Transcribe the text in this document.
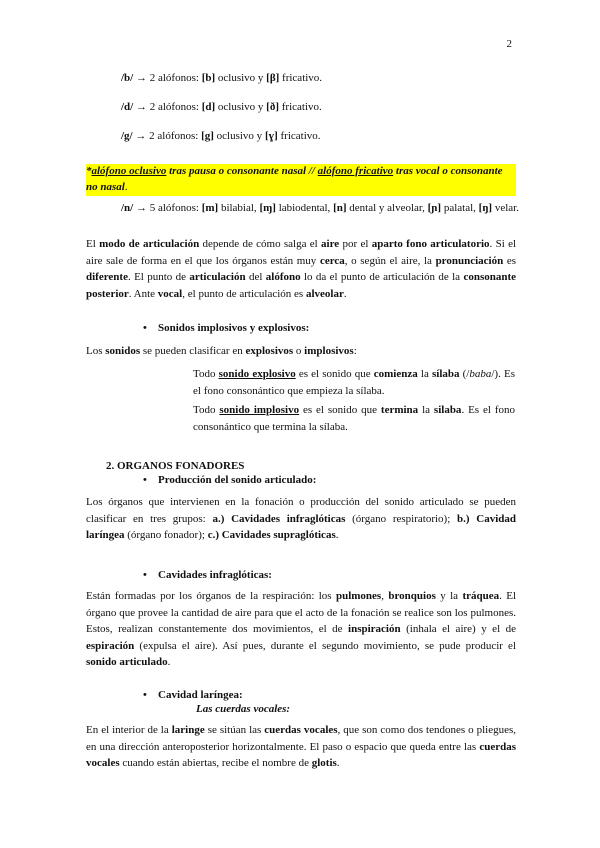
2
/b/ → 2 alófonos: [b] oclusivo y [β] fricativo.
/d/ → 2 alófonos: [d] oclusivo y [ð] fricativo.
/g/ → 2 alófonos: [g] oclusivo y [ɣ] fricativo.
*alófono oclusivo tras pausa o consonante nasal // alófono fricativo tras vocal o consonante no nasal.
/n/ → 5 alófonos: [m] bilabial, [ɱ] labiodental, [n] dental y alveolar, [ɲ] palatal, [ŋ] velar.
El modo de articulación depende de cómo salga el aire por el aparto fono articulatorio. Si el aire sale de forma en el que los órganos están muy cerca, o según el aire, la pronunciación es diferente. El punto de articulación del alófono lo da el punto de articulación de la consonante posterior. Ante vocal, el punto de articulación es alveolar.
• Sonidos implosivos y explosivos:
Los sonidos se pueden clasificar en explosivos o implosivos:
Todo sonido explosivo es el sonido que comienza la sílaba (/baba/). Es el fono consonántico que empieza la sílaba.
Todo sonido implosivo es el sonido que termina la silaba. Es el fono consonántico que termina la sílaba.
2. ORGANOS FONADORES
• Producción del sonido articulado:
Los órganos que intervienen en la fonación o producción del sonido articulado se pueden clasificar en tres grupos: a.) Cavidades infraglóticas (órgano respiratorio); b.) Cavidad laríngea (órgano fonador); c.) Cavidades supraglóticas.
• Cavidades infraglóticas:
Están formadas por los órganos de la respiración: los pulmones, bronquios y la tráquea. El órgano que provee la cantidad de aire para que el acto de la fonación se realice son los pulmones. Estos, realizan constantemente dos movimientos, el de inspiración (inhala el aire) y el de espiración (expulsa el aire). Así pues, durante el segundo movimiento, se pude producir el sonido articulado.
• Cavidad laríngea:
Las cuerdas vocales:
En el interior de la laringe se sitúan las cuerdas vocales, que son como dos tendones o pliegues, en una dirección anteroposterior horizontalmente. El paso o espacio que queda entre las cuerdas vocales cuando están abiertas, recibe el nombre de glotis.
